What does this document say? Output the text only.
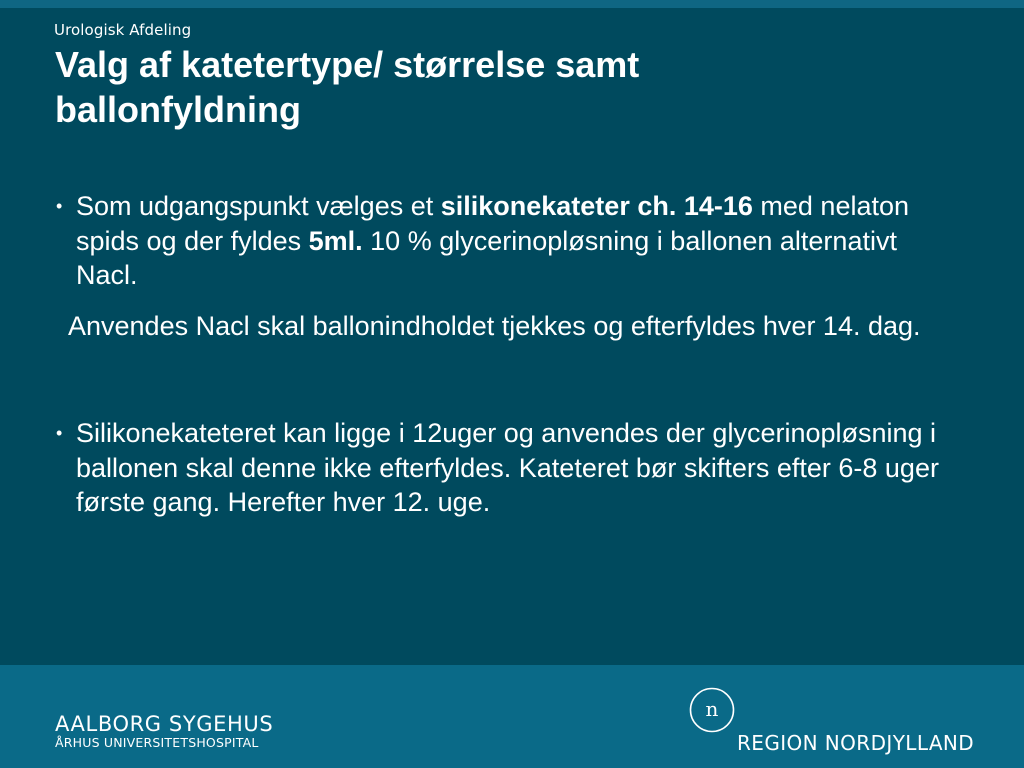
Urologisk Afdeling
Valg af katetertype/ størrelse samt
ballonfyldning
• Som udgangspunkt vælges et silikonekateter ch. 14-16 med nelaton spids og der fyldes 5ml. 10 % glycerinopløsning i ballonen alternativt Nacl.
Anvendes Nacl skal ballonindholdet tjekkes og efterfyldes hver 14. dag.
• Silikonekateteret kan ligge i 12uger og anvendes der glycerinopløsning i ballonen skal denne ikke efterfyldes. Kateteret bør skifters efter 6-8 uger første gang. Herefter hver 12. uge.
AALBORG SYGEHUS
ÅRHUS UNIVERSITETSHOSPITAL
n
REGION NORDJYLLAND
